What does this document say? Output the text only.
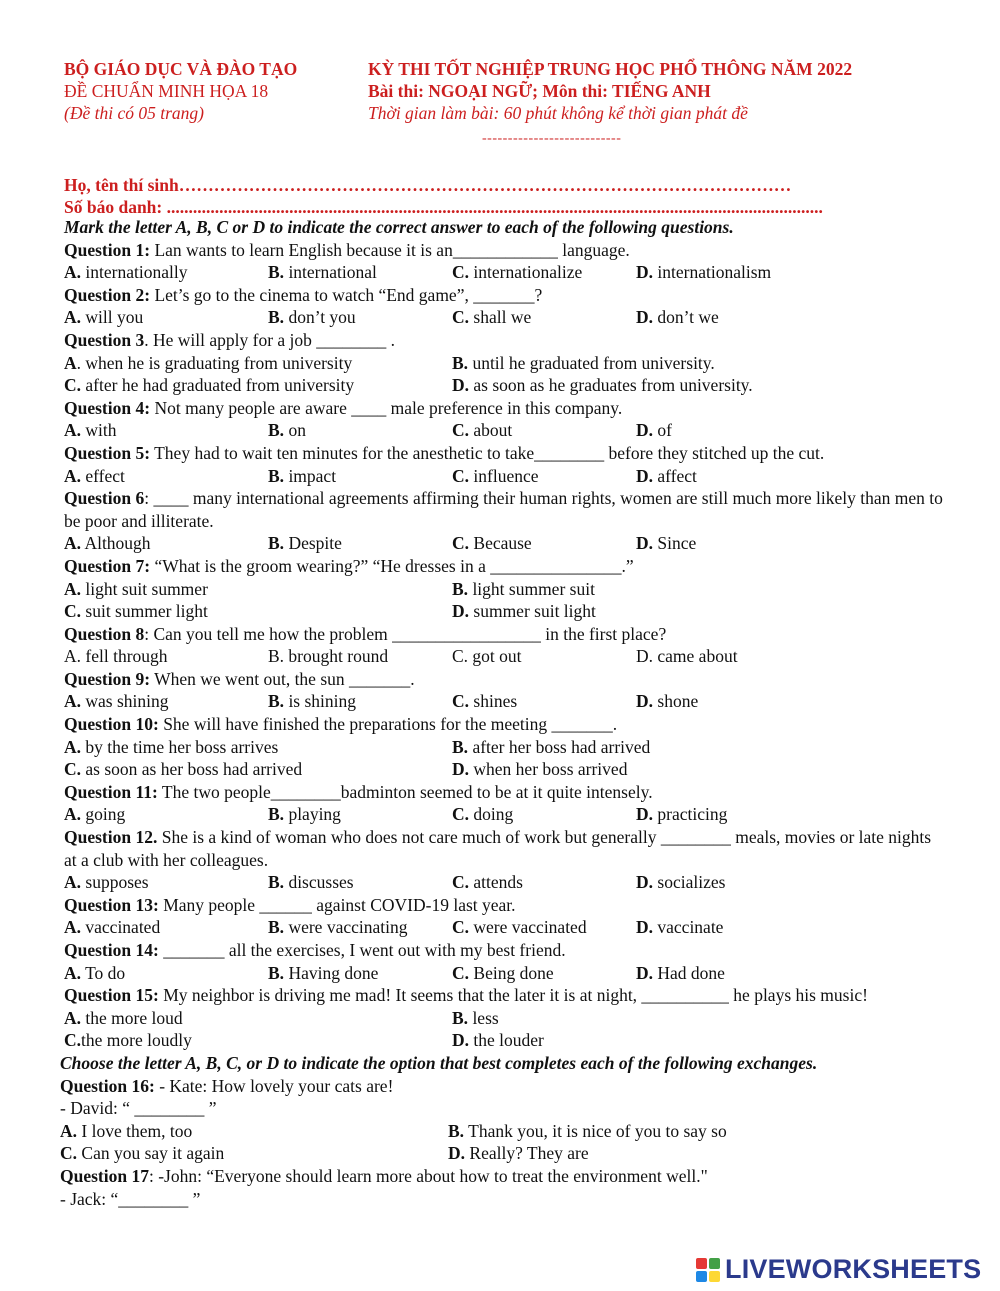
BỘ GIÁO DỤC VÀ ĐÀO TẠO
ĐỀ CHUẨN MINH HỌA 18
(Đề thi có 05 trang)
KỲ THI TỐT NGHIỆP TRUNG HỌC PHỔ THÔNG NĂM 2022
Bài thi: NGOẠI NGỮ; Môn thi: TIẾNG ANH
Thời gian làm bài: 60 phút không kể thời gian phát đề
---------------------------
Họ, tên thí sinh……………………………………………………………………………………………
Số báo danh: ......................................................................................................................................................
Mark the letter A, B, C or D to indicate the correct answer to each of the following questions.
Question 1: Lan wants to learn English because it is an____________ language.
A. internationally	B. international	C. internationalize	D. internationalism
Question 2: Let’s go to the cinema to watch “End game”, _______?
A. will you	B. don’t you	C. shall we	D. don’t we
Question 3. He will apply for a job ________ .
A. when he is graduating from university	B. until he graduated from university.
C. after he had graduated from university	D. as soon as he graduates from university.
Question 4: Not many people are aware ____ male preference in this company.
A. with	B. on	C. about	D. of
Question 5: They had to wait ten minutes for the anesthetic to take________ before they stitched up the cut.
A. effect	B. impact	C. influence	D. affect
Question 6: ____ many international agreements affirming their human rights, women are still much more likely than men to be poor and illiterate.
A. Although	B. Despite	C. Because	D. Since
Question 7: “What is the groom wearing?” “He dresses in a _______________.”
A. light suit summer	B. light summer suit
C. suit summer light	D. summer suit light
Question 8: Can you tell me how the problem _________________ in the first place?
A. fell through	B. brought round	C. got out	D. came about
Question 9: When we went out, the sun _______.
A. was shining	B. is shining	C. shines	D. shone
Question 10: She will have finished the preparations for the meeting _______.
A. by the time her boss arrives	B. after her boss had arrived
C. as soon as her boss had arrived	D. when her boss arrived
Question 11: The two people________badminton seemed to be at it quite intensely.
A. going	B. playing	C. doing	D. practicing
Question 12. She is a kind of woman who does not care much of work but generally ________ meals, movies or late nights at a club with her colleagues.
A. supposes	B. discusses	C. attends	D. socializes
Question 13: Many people ______ against COVID-19 last year.
A. vaccinated	B. were vaccinating	C. were vaccinated	D. vaccinate
Question 14: _______ all the exercises, I went out with my best friend.
A. To do	B. Having done	C. Being done	D. Had done
Question 15: My neighbor is driving me mad! It seems that the later it is at night, __________ he plays his music!
A. the more loud	B. less
C.the more loudly	D. the louder
Choose the letter A, B, C, or D to indicate the option that best completes each of the following exchanges.
Question 16: - Kate: How lovely your cats are!
- David: “ ________ ”
A. I love them, too	B. Thank you, it is nice of you to say so
C. Can you say it again	D. Really? They are
Question 17: -John: “Everyone should learn more about how to treat the environment well."
- Jack: “________ ”
LIVEWORKSHEETS
